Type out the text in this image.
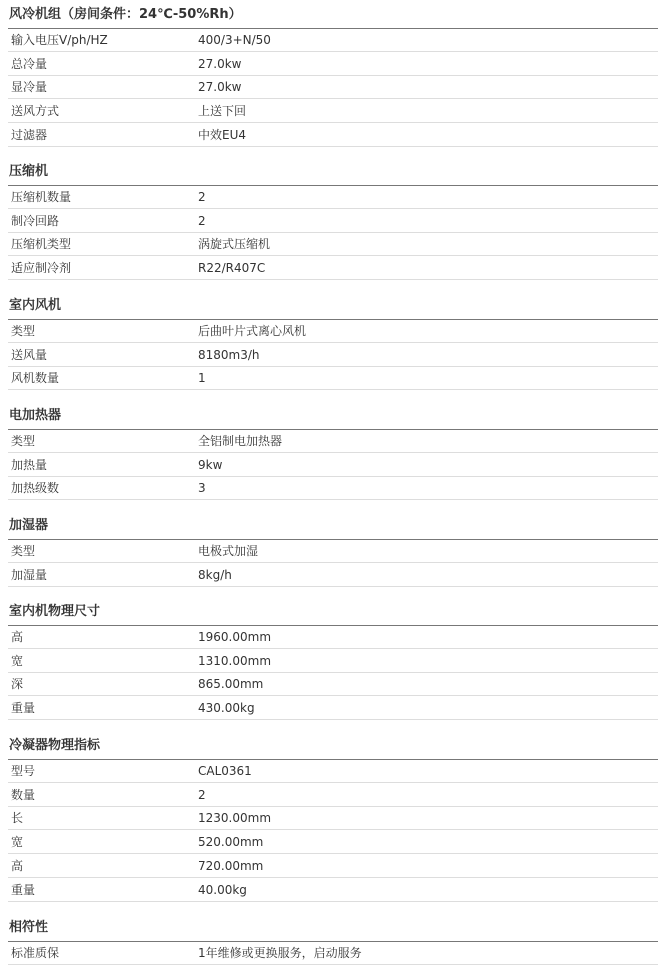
风冷机组（房间条件：24℃-50%Rh）
输入电压V/ph/HZ	400/3+N/50
总冷量	27.0kw
显冷量	27.0kw
送风方式	上送下回
过滤器	中效EU4
压缩机
压缩机数量	2
制冷回路	2
压缩机类型	涡旋式压缩机
适应制冷剂	R22/R407C
室内风机
类型	后曲叶片式离心风机
送风量	8180m3/h
风机数量	1
电加热器
类型	全铝制电加热器
加热量	9kw
加热级数	3
加湿器
类型	电极式加湿
加湿量	8kg/h
室内机物理尺寸
高	1960.00mm
宽	1310.00mm
深	865.00mm
重量	430.00kg
冷凝器物理指标
型号	CAL0361
数量	2
长	1230.00mm
宽	520.00mm
高	720.00mm
重量	40.00kg
相符性
标准质保	1年维修或更换服务，启动服务
